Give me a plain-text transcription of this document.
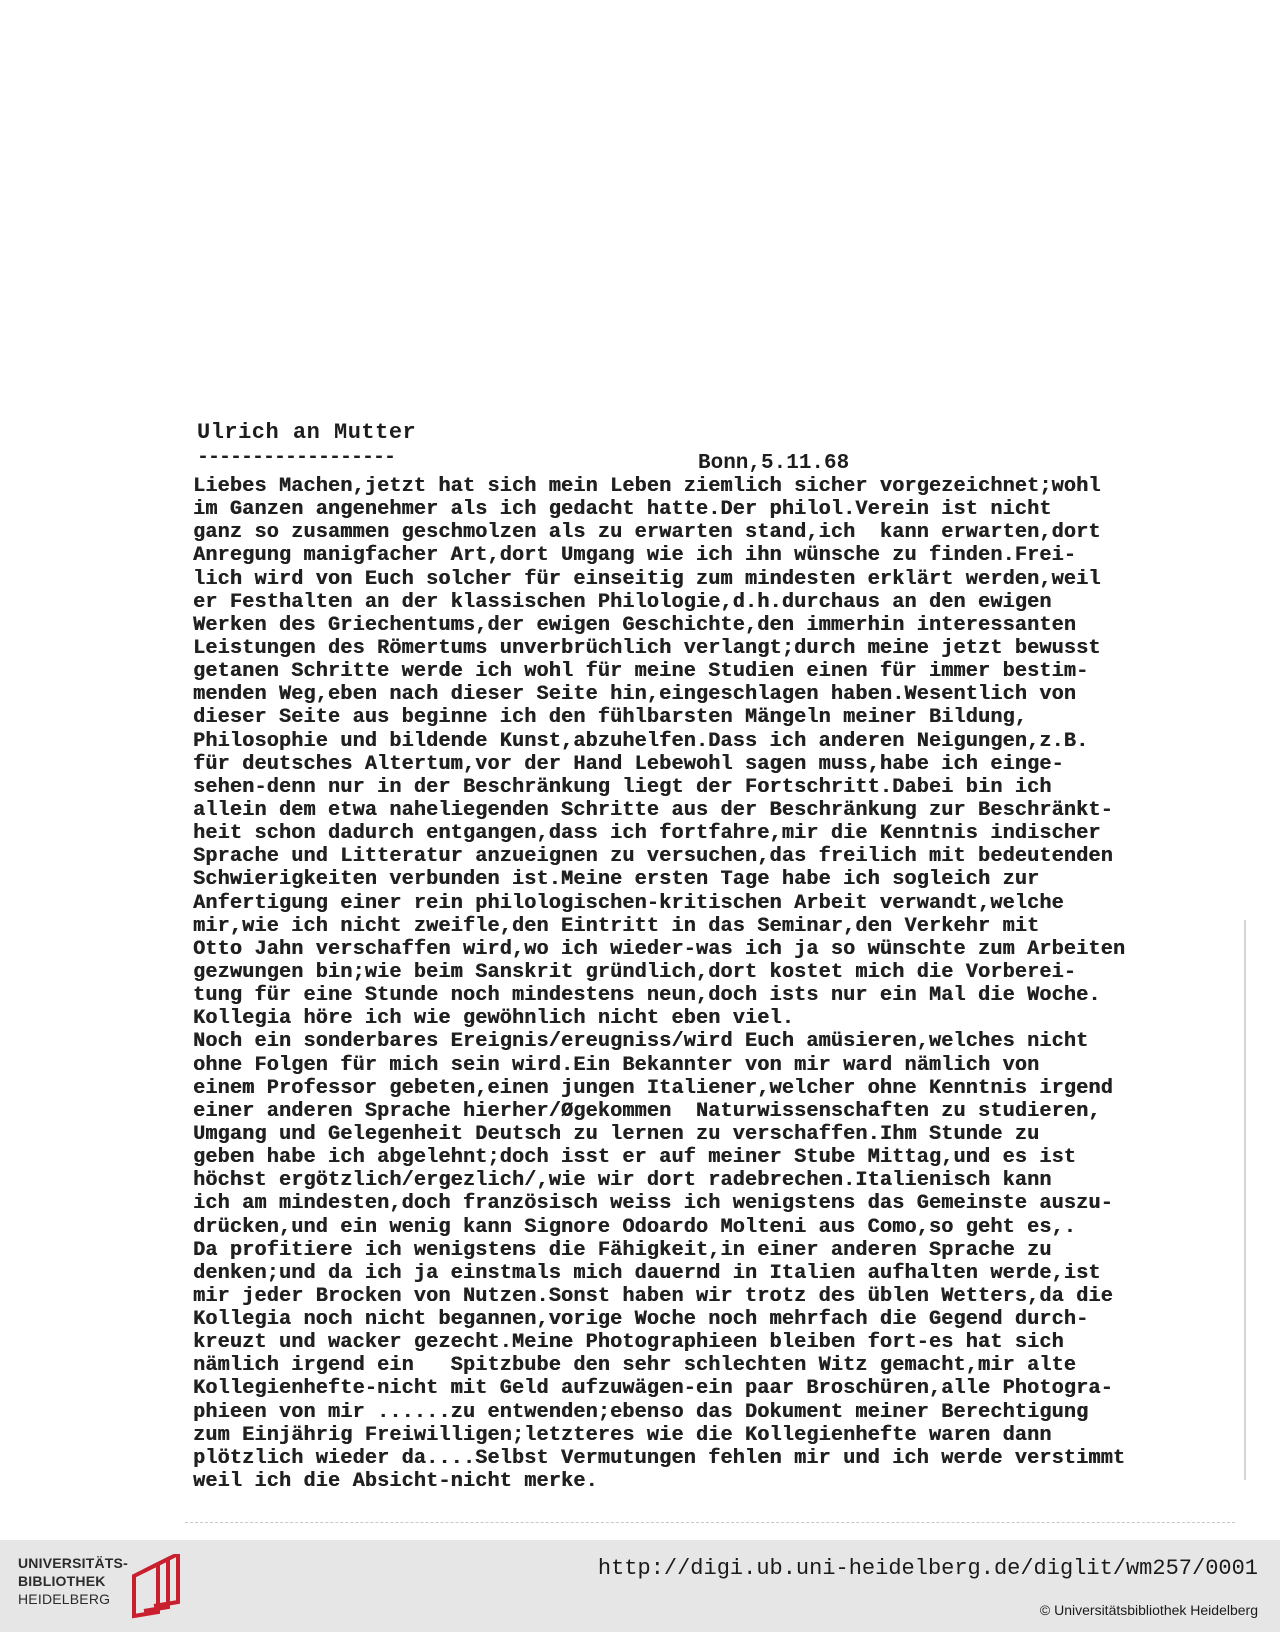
Ulrich an Mutter
------------------	Bonn,5.11.68
Liebes Machen,jetzt hat sich mein Leben ziemlich sicher vorgezeichnet;wohl
im Ganzen angenehmer als ich gedacht hatte.Der philol.Verein ist nicht
ganz so zusammen geschmolzen als zu erwarten stand,ich  kann erwarten,dort
Anregung manigfacher Art,dort Umgang wie ich ihn wünsche zu finden.Frei-
lich wird von Euch solcher für einseitig zum mindesten erklärt werden,weil
er Festhalten an der klassischen Philologie,d.h.durchaus an den ewigen
Werken des Griechentums,der ewigen Geschichte,den immerhin interessanten
Leistungen des Römertums unverbrüchlich verlangt;durch meine jetzt bewusst
getanen Schritte werde ich wohl für meine Studien einen für immer bestim-
menden Weg,eben nach dieser Seite hin,eingeschlagen haben.Wesentlich von
dieser Seite aus beginne ich den fühlbarsten Mängeln meiner Bildung,
Philosophie und bildende Kunst,abzuhelfen.Dass ich anderen Neigungen,z.B.
für deutsches Altertum,vor der Hand Lebewohl sagen muss,habe ich einge-
sehen-denn nur in der Beschränkung liegt der Fortschritt.Dabei bin ich
allein dem etwa naheliegenden Schritte aus der Beschränkung zur Beschränkt-
heit schon dadurch entgangen,dass ich fortfahre,mir die Kenntnis indischer
Sprache und Litteratur anzueignen zu versuchen,das freilich mit bedeutenden
Schwierigkeiten verbunden ist.Meine ersten Tage habe ich sogleich zur
Anfertigung einer rein philologischen-kritischen Arbeit verwandt,welche
mir,wie ich nicht zweifle,den Eintritt in das Seminar,den Verkehr mit
Otto Jahn verschaffen wird,wo ich wieder-was ich ja so wünschte zum Arbeiten
gezwungen bin;wie beim Sanskrit gründlich,dort kostet mich die Vorberei-
tung für eine Stunde noch mindestens neun,doch ists nur ein Mal die Woche.
Kollegia höre ich wie gewöhnlich nicht eben viel.
Noch ein sonderbares Ereignis/ereugniss/wird Euch amüsieren,welches nicht
ohne Folgen für mich sein wird.Ein Bekannter von mir ward nämlich von
einem Professor gebeten,einen jungen Italiener,welcher ohne Kenntnis irgend
einer anderen Sprache hierher/Øgekommen  Naturwissenschaften zu studieren,
Umgang und Gelegenheit Deutsch zu lernen zu verschaffen.Ihm Stunde zu
geben habe ich abgelehnt;doch isst er auf meiner Stube Mittag,und es ist
höchst ergötzlich/ergezlich/,wie wir dort radebrechen.Italienisch kann
ich am mindesten,doch französisch weiss ich wenigstens das Gemeinste auszu-
drücken,und ein wenig kann Signore Odoardo Molteni aus Como,so geht es,.
Da profitiere ich wenigstens die Fähigkeit,in einer anderen Sprache zu
denken;und da ich ja einstmals mich dauernd in Italien aufhalten werde,ist
mir jeder Brocken von Nutzen.Sonst haben wir trotz des üblen Wetters,da die
Kollegia noch nicht begannen,vorige Woche noch mehrfach die Gegend durch-
kreuzt und wacker gezecht.Meine Photographieen bleiben fort-es hat sich
nämlich irgend ein   Spitzbube den sehr schlechten Witz gemacht,mir alte
Kollegienhefte-nicht mit Geld aufzuwägen-ein paar Broschüren,alle Photogra-
phieen von mir ......zu entwenden;ebenso das Dokument meiner Berechtigung
zum Einjährig Freiwilligen;letzteres wie die Kollegienhefte waren dann
plötzlich wieder da....Selbst Vermutungen fehlen mir und ich werde verstimmt
weil ich die Absicht-nicht merke.
UNIVERSITÄTS-
BIBLIOTHEK
HEIDELBERG
http://digi.ub.uni-heidelberg.de/diglit/wm257/0001
© Universitätsbibliothek Heidelberg
